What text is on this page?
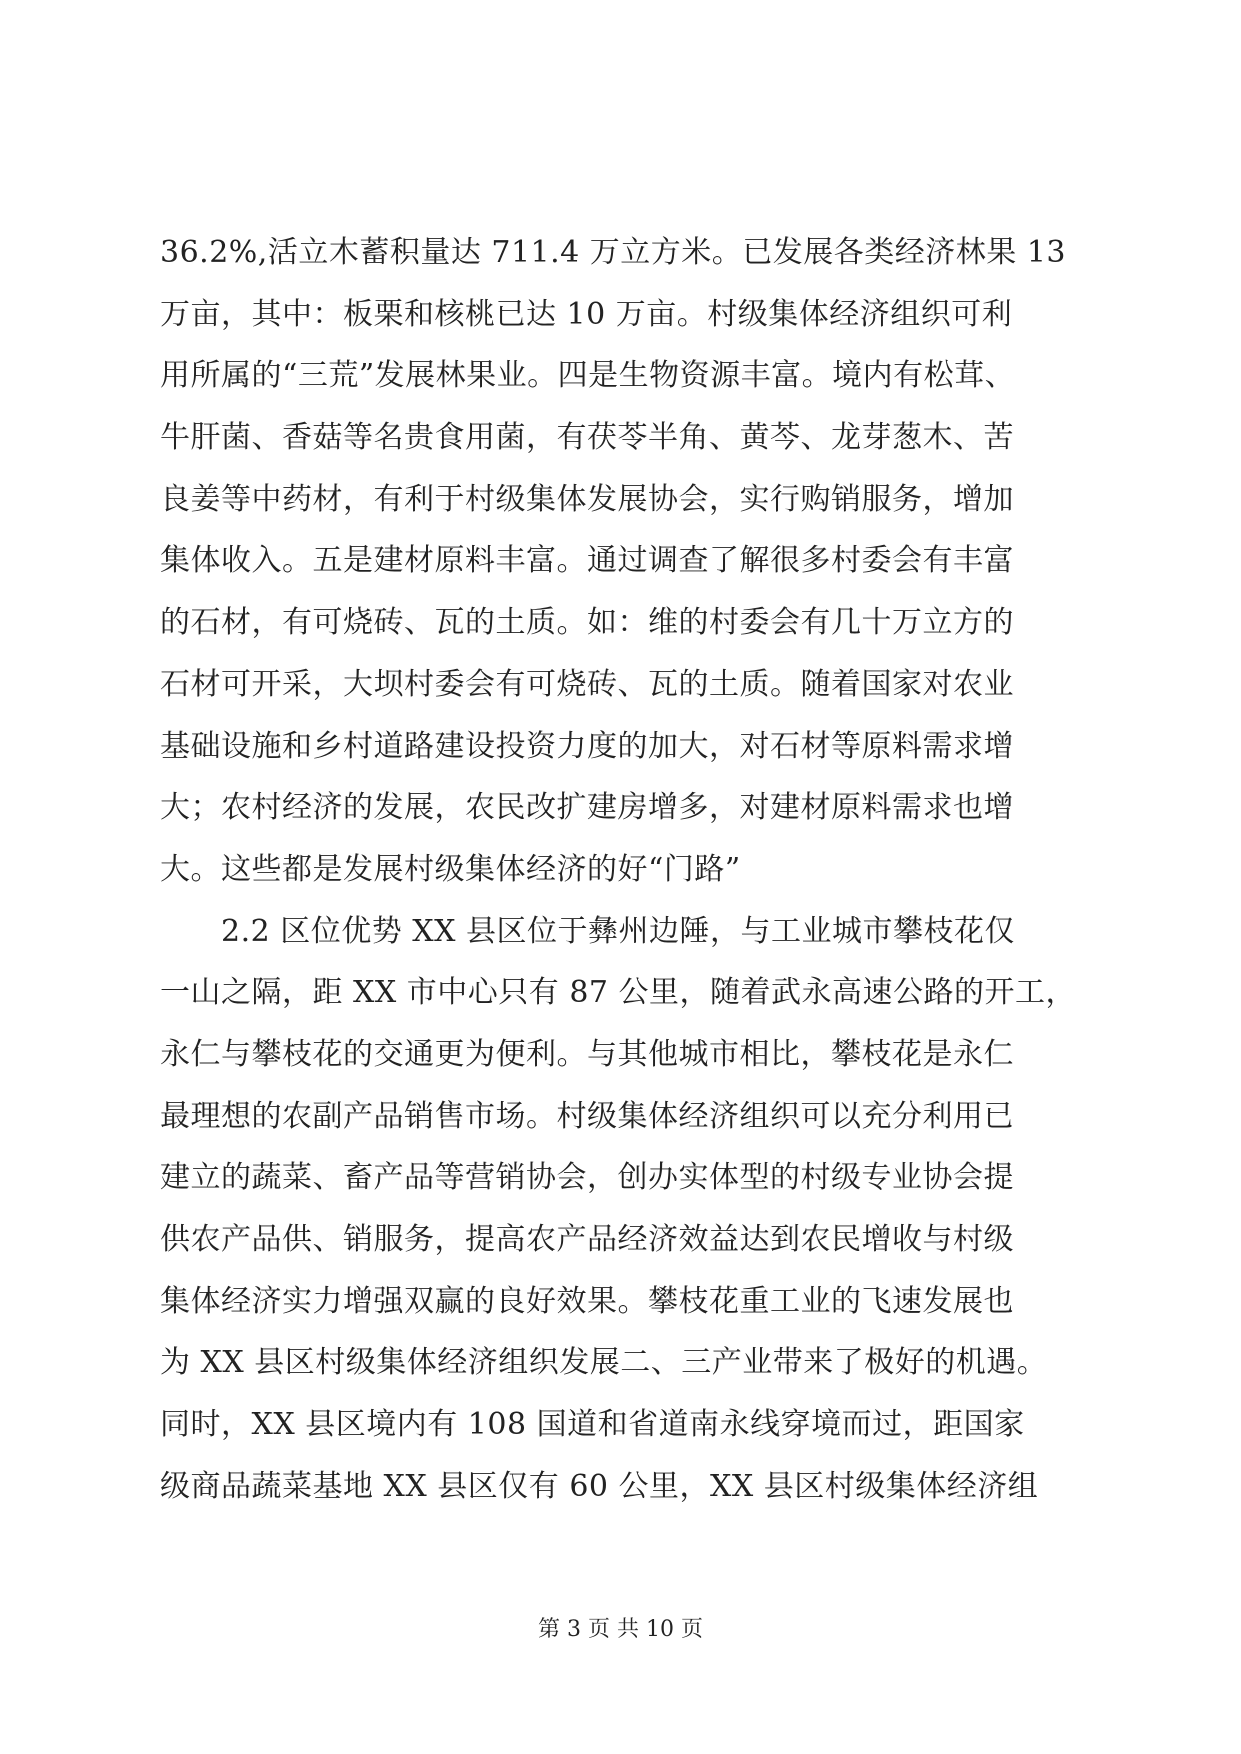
36.2%,活立木蓄积量达 711.4 万立方米。已发展各类经济林果 13
万亩，其中：板栗和核桃已达 10 万亩。村级集体经济组织可利
用所属的“三荒”发展林果业。四是生物资源丰富。境内有松茸、
牛肝菌、香菇等名贵食用菌，有茯苓半角、黄芩、龙芽葱木、苦
良姜等中药材，有利于村级集体发展协会，实行购销服务，增加
集体收入。五是建材原料丰富。通过调查了解很多村委会有丰富
的石材，有可烧砖、瓦的土质。如：维的村委会有几十万立方的
石材可开采，大坝村委会有可烧砖、瓦的土质。随着国家对农业
基础设施和乡村道路建设投资力度的加大，对石材等原料需求增
大；农村经济的发展，农民改扩建房增多，对建材原料需求也增
大。这些都是发展村级集体经济的好“门路”
　　2.2 区位优势 XX 县区位于彝州边陲，与工业城市攀枝花仅
一山之隔，距 XX 市中心只有 87 公里，随着武永高速公路的开工，
永仁与攀枝花的交通更为便利。与其他城市相比，攀枝花是永仁
最理想的农副产品销售市场。村级集体经济组织可以充分利用已
建立的蔬菜、畜产品等营销协会，创办实体型的村级专业协会提
供农产品供、销服务，提高农产品经济效益达到农民增收与村级
集体经济实力增强双赢的良好效果。攀枝花重工业的飞速发展也
为 XX 县区村级集体经济组织发展二、三产业带来了极好的机遇。
同时，XX 县区境内有 108 国道和省道南永线穿境而过，距国家
级商品蔬菜基地 XX 县区仅有 60 公里，XX 县区村级集体经济组
第 3 页 共 10 页
